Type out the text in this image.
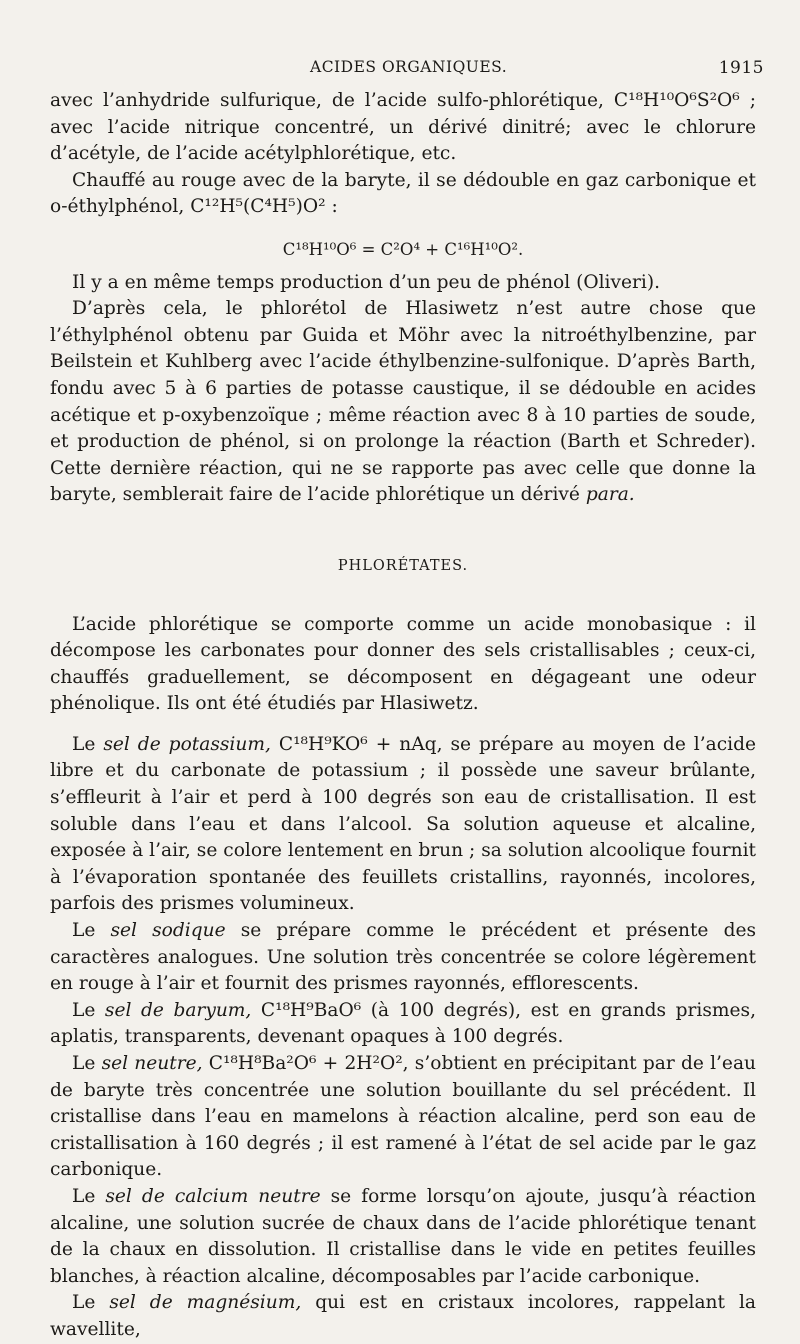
ACIDES ORGANIQUES.	1915

avec l’anhydride sulfurique, de l’acide sulfo-phlorétique, C¹⁸H¹⁰O⁶S²O⁶ ; avec l’acide nitrique concentré, un dérivé dinitré; avec le chlorure d’acétyle, de l’acide acétylphlorétique, etc.

Chauffé au rouge avec de la baryte, il se dédouble en gaz carbonique et o-éthylphénol, C¹²H⁵(C⁴H⁵)O² :

C¹⁸H¹⁰O⁶ = C²O⁴ + C¹⁶H¹⁰O².

Il y a en même temps production d’un peu de phénol (Oliveri).

D’après cela, le phlorétol de Hlasiwetz n’est autre chose que l’éthylphénol obtenu par Guida et Möhr avec la nitroéthylbenzine, par Beilstein et Kuhlberg avec l’acide éthylbenzine-sulfonique. D’après Barth, fondu avec 5 à 6 parties de potasse caustique, il se dédouble en acides acétique et p-oxybenzoïque ; même réaction avec 8 à 10 parties de soude, et production de phénol, si on prolonge la réaction (Barth et Schreder). Cette dernière réaction, qui ne se rapporte pas avec celle que donne la baryte, semblerait faire de l’acide phlorétique un dérivé para.

PHLORÉTATES.

L’acide phlorétique se comporte comme un acide monobasique : il décompose les carbonates pour donner des sels cristallisables ; ceux-ci, chauffés graduellement, se décomposent en dégageant une odeur phénolique. Ils ont été étudiés par Hlasiwetz.

Le sel de potassium, C¹⁸H⁹KO⁶ + nAq, se prépare au moyen de l’acide libre et du carbonate de potassium ; il possède une saveur brûlante, s’effleurit à l’air et perd à 100 degrés son eau de cristallisation. Il est soluble dans l’eau et dans l’alcool. Sa solution aqueuse et alcaline, exposée à l’air, se colore lentement en brun ; sa solution alcoolique fournit à l’évaporation spontanée des feuillets cristallins, rayonnés, incolores, parfois des prismes volumineux.

Le sel sodique se prépare comme le précédent et présente des caractères analogues. Une solution très concentrée se colore légèrement en rouge à l’air et fournit des prismes rayonnés, efflorescents.

Le sel de baryum, C¹⁸H⁹BaO⁶ (à 100 degrés), est en grands prismes, aplatis, transparents, devenant opaques à 100 degrés.

Le sel neutre, C¹⁸H⁸Ba²O⁶ + 2H²O², s’obtient en précipitant par de l’eau de baryte très concentrée une solution bouillante du sel précédent. Il cristallise dans l’eau en mamelons à réaction alcaline, perd son eau de cristallisation à 160 degrés ; il est ramené à l’état de sel acide par le gaz carbonique.

Le sel de calcium neutre se forme lorsqu’on ajoute, jusqu’à réaction alcaline, une solution sucrée de chaux dans de l’acide phlorétique tenant de la chaux en dissolution. Il cristallise dans le vide en petites feuilles blanches, à réaction alcaline, décomposables par l’acide carbonique.

Le sel de magnésium, qui est en cristaux incolores, rappelant la wavellite,
